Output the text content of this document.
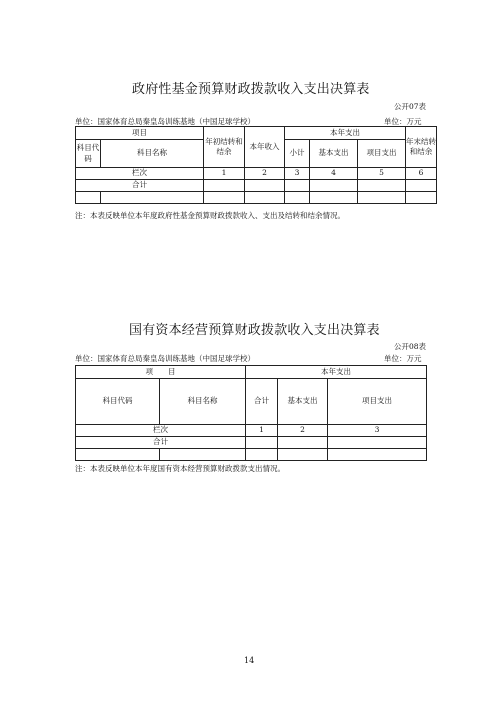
政府性基金预算财政拨款收入支出决算表
公开07表
单位：国家体育总局秦皇岛训练基地（中国足球学校）	单位：万元
项目		年初结转和结余	本年收入	本年支出			年末结转和结余
科目代码	科目名称			小计	基本支出	项目支出	
栏次		1	2	3	4	5	6
合计							

注：本表反映单位本年度政府性基金预算财政拨款收入、支出及结转和结余情况。
国有资本经营预算财政拨款收入支出决算表
公开08表
单位：国家体育总局秦皇岛训练基地（中国足球学校）	单位：万元
项　　目		本年支出		
科目代码	科目名称	合计	基本支出	项目支出
栏次		1	2	3
合计				

注：本表反映单位本年度国有资本经营预算财政拨款支出情况。
14
